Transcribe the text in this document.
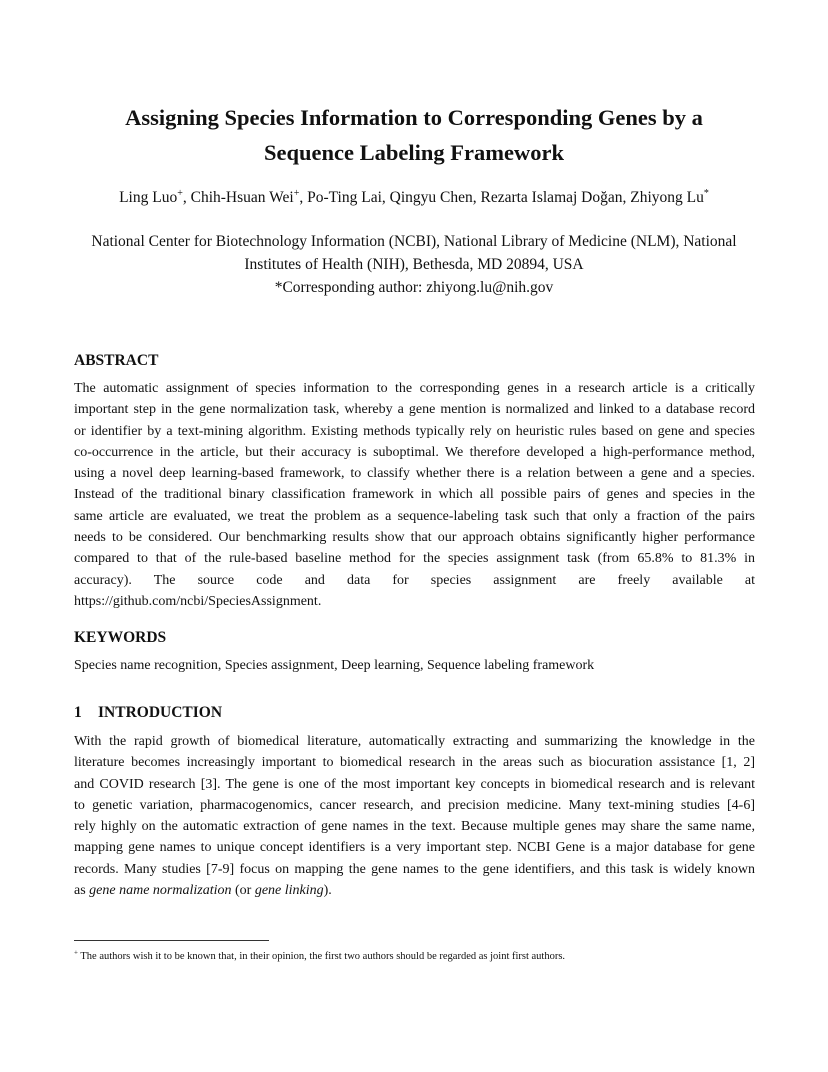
Assigning Species Information to Corresponding Genes by a
Sequence Labeling Framework
Ling Luo+, Chih-Hsuan Wei+, Po-Ting Lai, Qingyu Chen, Rezarta Islamaj Doğan, Zhiyong Lu*
National Center for Biotechnology Information (NCBI), National Library of Medicine (NLM), National
Institutes of Health (NIH), Bethesda, MD 20894, USA
*Corresponding author: zhiyong.lu@nih.gov
ABSTRACT

The automatic assignment of species information to the corresponding genes in a research article is a critically
important step in the gene normalization task, whereby a gene mention is normalized and linked to a database record
or identifier by a text-mining algorithm. Existing methods typically rely on heuristic rules based on gene and species
co-occurrence in the article, but their accuracy is suboptimal. We therefore developed a high-performance method,
using a novel deep learning-based framework, to classify whether there is a relation between a gene and a species.
Instead of the traditional binary classification framework in which all possible pairs of genes and species in the
same article are evaluated, we treat the problem as a sequence-labeling task such that only a fraction of the pairs
needs to be considered. Our benchmarking results show that our approach obtains significantly higher performance
compared to that of the rule-based baseline method for the species assignment task (from 65.8% to 81.3% in
accuracy). The source code and data for species assignment are freely available at
https://github.com/ncbi/SpeciesAssignment.

KEYWORDS
Species name recognition, Species assignment, Deep learning, Sequence labeling framework
1 INTRODUCTION

With the rapid growth of biomedical literature, automatically extracting and summarizing the knowledge in the
literature becomes increasingly important to biomedical research in the areas such as biocuration assistance [1, 2]
and COVID research [3]. The gene is one of the most important key concepts in biomedical research and is relevant
to genetic variation, pharmacogenomics, cancer research, and precision medicine. Many text-mining studies [4-6]
rely highly on the automatic extraction of gene names in the text. Because multiple genes may share the same name,
mapping gene names to unique concept identifiers is a very important step. NCBI Gene is a major database for gene
records. Many studies [7-9] focus on mapping the gene names to the gene identifiers, and this task is widely known
as gene name normalization (or gene linking).

+ The authors wish it to be known that, in their opinion, the first two authors should be regarded as joint first authors.
